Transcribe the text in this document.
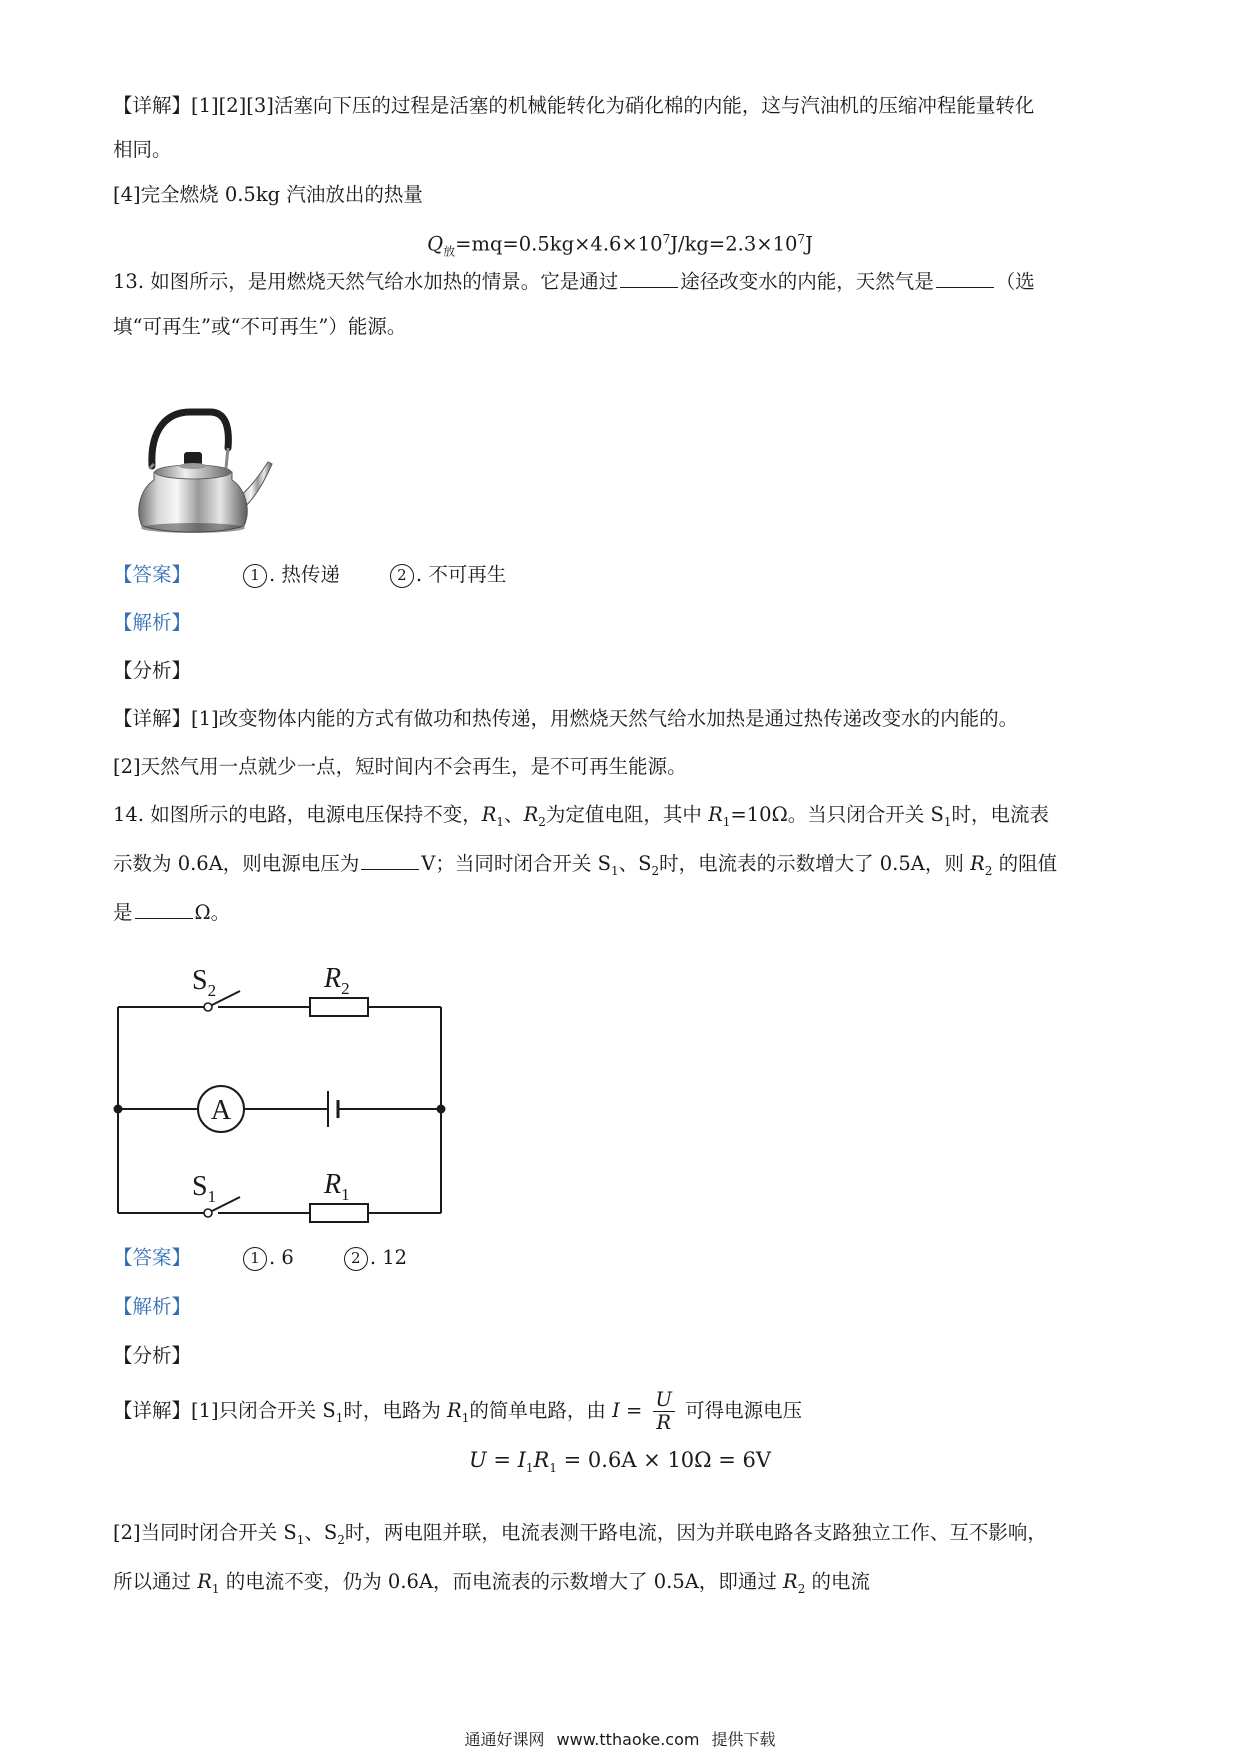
【详解】[1][2][3]活塞向下压的过程是活塞的机械能转化为硝化棉的内能，这与汽油机的压缩冲程能量转化
相同。
[4]完全燃烧 0.5kg 汽油放出的热量
$Q_放=mq=0.5kg\times 4.6\times 10^7J/kg=2.3\times 10^7J$
13. 如图所示，是用燃烧天然气给水加热的情景。它是通过	途径改变水的内能，天然气是	（选
填“可再生”或“不可再生”）能源。
【答案】	1 . 热传递	2 . 不可再生
【解析】
【分析】
【详解】[1]改变物体内能的方式有做功和热传递，用燃烧天然气给水加热是通过热传递改变水的内能的。
[2]天然气用一点就少一点，短时间内不会再生，是不可再生能源。
14. 如图所示的电路，电源电压保持不变，$R_1$、$R_2$为定值电阻，其中 $R_1=10\Omega$。当只闭合开关 $S_1$时，电流表
示数为 0.6A，则电源电压为	V；当同时闭合开关 $S_1$、$S_2$时，电流表的示数增大了 0.5A，则 $R_2$ 的阻值
是	Ω。
$S_2$	$R_2$
A
$S_1$	$R_1$
【答案】	1 . 6	2 . 12
【解析】
【分析】
【详解】[1]只闭合开关 $S_1$时，电路为 $R_1$的简单电路，由 $I = \frac{U}{R}$ 可得电源电压
$U = I_1R_1 = 0.6A \times 10\Omega = 6V$
[2]当同时闭合开关 $S_1$、$S_2$时，两电阻并联，电流表测干路电流，因为并联电路各支路独立工作、互不影响，
所以通过 $R_1$ 的电流不变，仍为 0.6A，而电流表的示数增大了 0.5A，即通过 $R_2$ 的电流
通通好课网 www.tthaoke.com 提供下载
